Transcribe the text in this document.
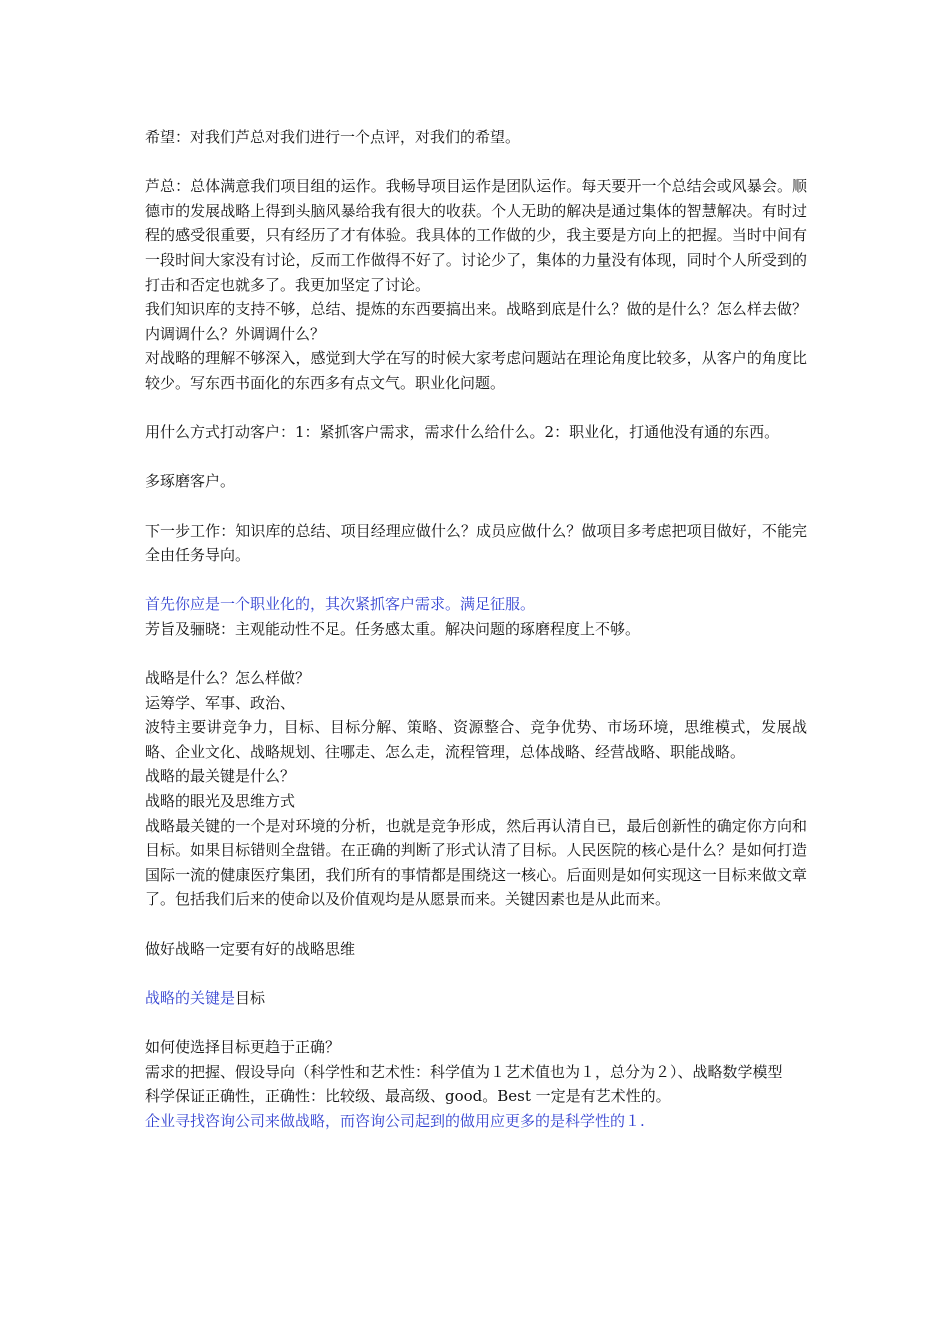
希望：对我们芦总对我们进行一个点评，对我们的希望。

芦总：总体满意我们项目组的运作。我畅导项目运作是团队运作。每天要开一个总结会或风暴会。顺德市的发展战略上得到头脑风暴给我有很大的收获。个人无助的解决是通过集体的智慧解决。有时过程的感受很重要，只有经历了才有体验。我具体的工作做的少，我主要是方向上的把握。当时中间有一段时间大家没有讨论，反而工作做得不好了。讨论少了，集体的力量没有体现，同时个人所受到的打击和否定也就多了。我更加坚定了讨论。

我们知识库的支持不够，总结、提炼的东西要搞出来。战略到底是什么？做的是什么？怎么样去做？内调调什么？外调调什么？

对战略的理解不够深入，感觉到大学在写的时候大家考虑问题站在理论角度比较多，从客户的角度比较少。写东西书面化的东西多有点文气。职业化问题。

用什么方式打动客户：1：紧抓客户需求，需求什么给什么。2：职业化，打通他没有通的东西。

多琢磨客户。

下一步工作：知识库的总结、项目经理应做什么？成员应做什么？做项目多考虑把项目做好，不能完全由任务导向。

首先你应是一个职业化的，其次紧抓客户需求。满足征服。

芳旨及骊晓：主观能动性不足。任务感太重。解决问题的琢磨程度上不够。

战略是什么？怎么样做？

运筹学、军事、政治、

波特主要讲竞争力，目标、目标分解、策略、资源整合、竞争优势、市场环境，思维模式，发展战略、企业文化、战略规划、往哪走、怎么走，流程管理，总体战略、经营战略、职能战略。

战略的最关键是什么？

战略的眼光及思维方式

战略最关键的一个是对环境的分析，也就是竞争形成，然后再认清自已，最后创新性的确定你方向和目标。如果目标错则全盘错。在正确的判断了形式认清了目标。人民医院的核心是什么？是如何打造国际一流的健康医疗集团，我们所有的事情都是围绕这一核心。后面则是如何实现这一目标来做文章了。包括我们后来的使命以及价值观均是从愿景而来。关键因素也是从此而来。

做好战略一定要有好的战略思维

战略的关键是目标

如何使选择目标更趋于正确？

需求的把握、假设导向（科学性和艺术性：科学值为１艺术值也为１，总分为２）、战略数学模型

科学保证正确性，正确性：比较级、最高级、good。Best 一定是有艺术性的。

企业寻找咨询公司来做战略，而咨询公司起到的做用应更多的是科学性的１.
